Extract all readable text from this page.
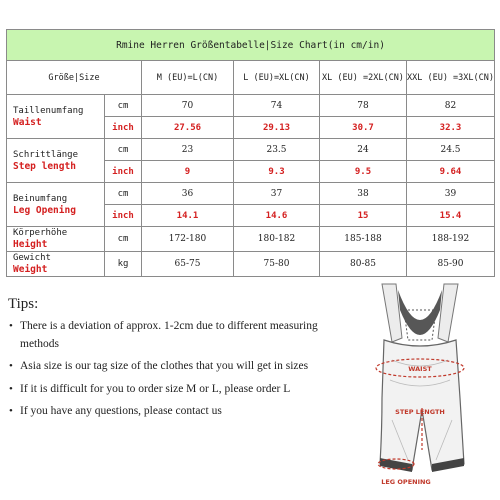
Rmine Herren Größentabelle|Size Chart(in cm/in)					
Größe|Size		M (EU)=L(CN)	L (EU)=XL(CN)	XL (EU) =2XL(CN)	XXL (EU) =3XL(CN)

Taillenumfang
Waist	cm	70	74	78	82
	inch	27.56	29.13	30.7	32.3

Schrittlänge
Step length	cm	23	23.5	24	24.5
	inch	9	9.3	9.5	9.64

Beinumfang
Leg Opening	cm	36	37	38	39
	inch	14.1	14.6	15	15.4

Körperhöhe
Height	cm	172-180	180-182	185-188	188-192

Gewicht
Weight	kg	65-75	75-80	80-85	85-90
Tips:
• There is a deviation of approx. 1-2cm due to different measuring methods
• Asia size is our tag size of the clothes that you will get in sizes
• If it is difficult for you to order size M or L, please order L
• If you have any questions, please contact us
WAIST
STEP LENGTH
LEG OPENING
